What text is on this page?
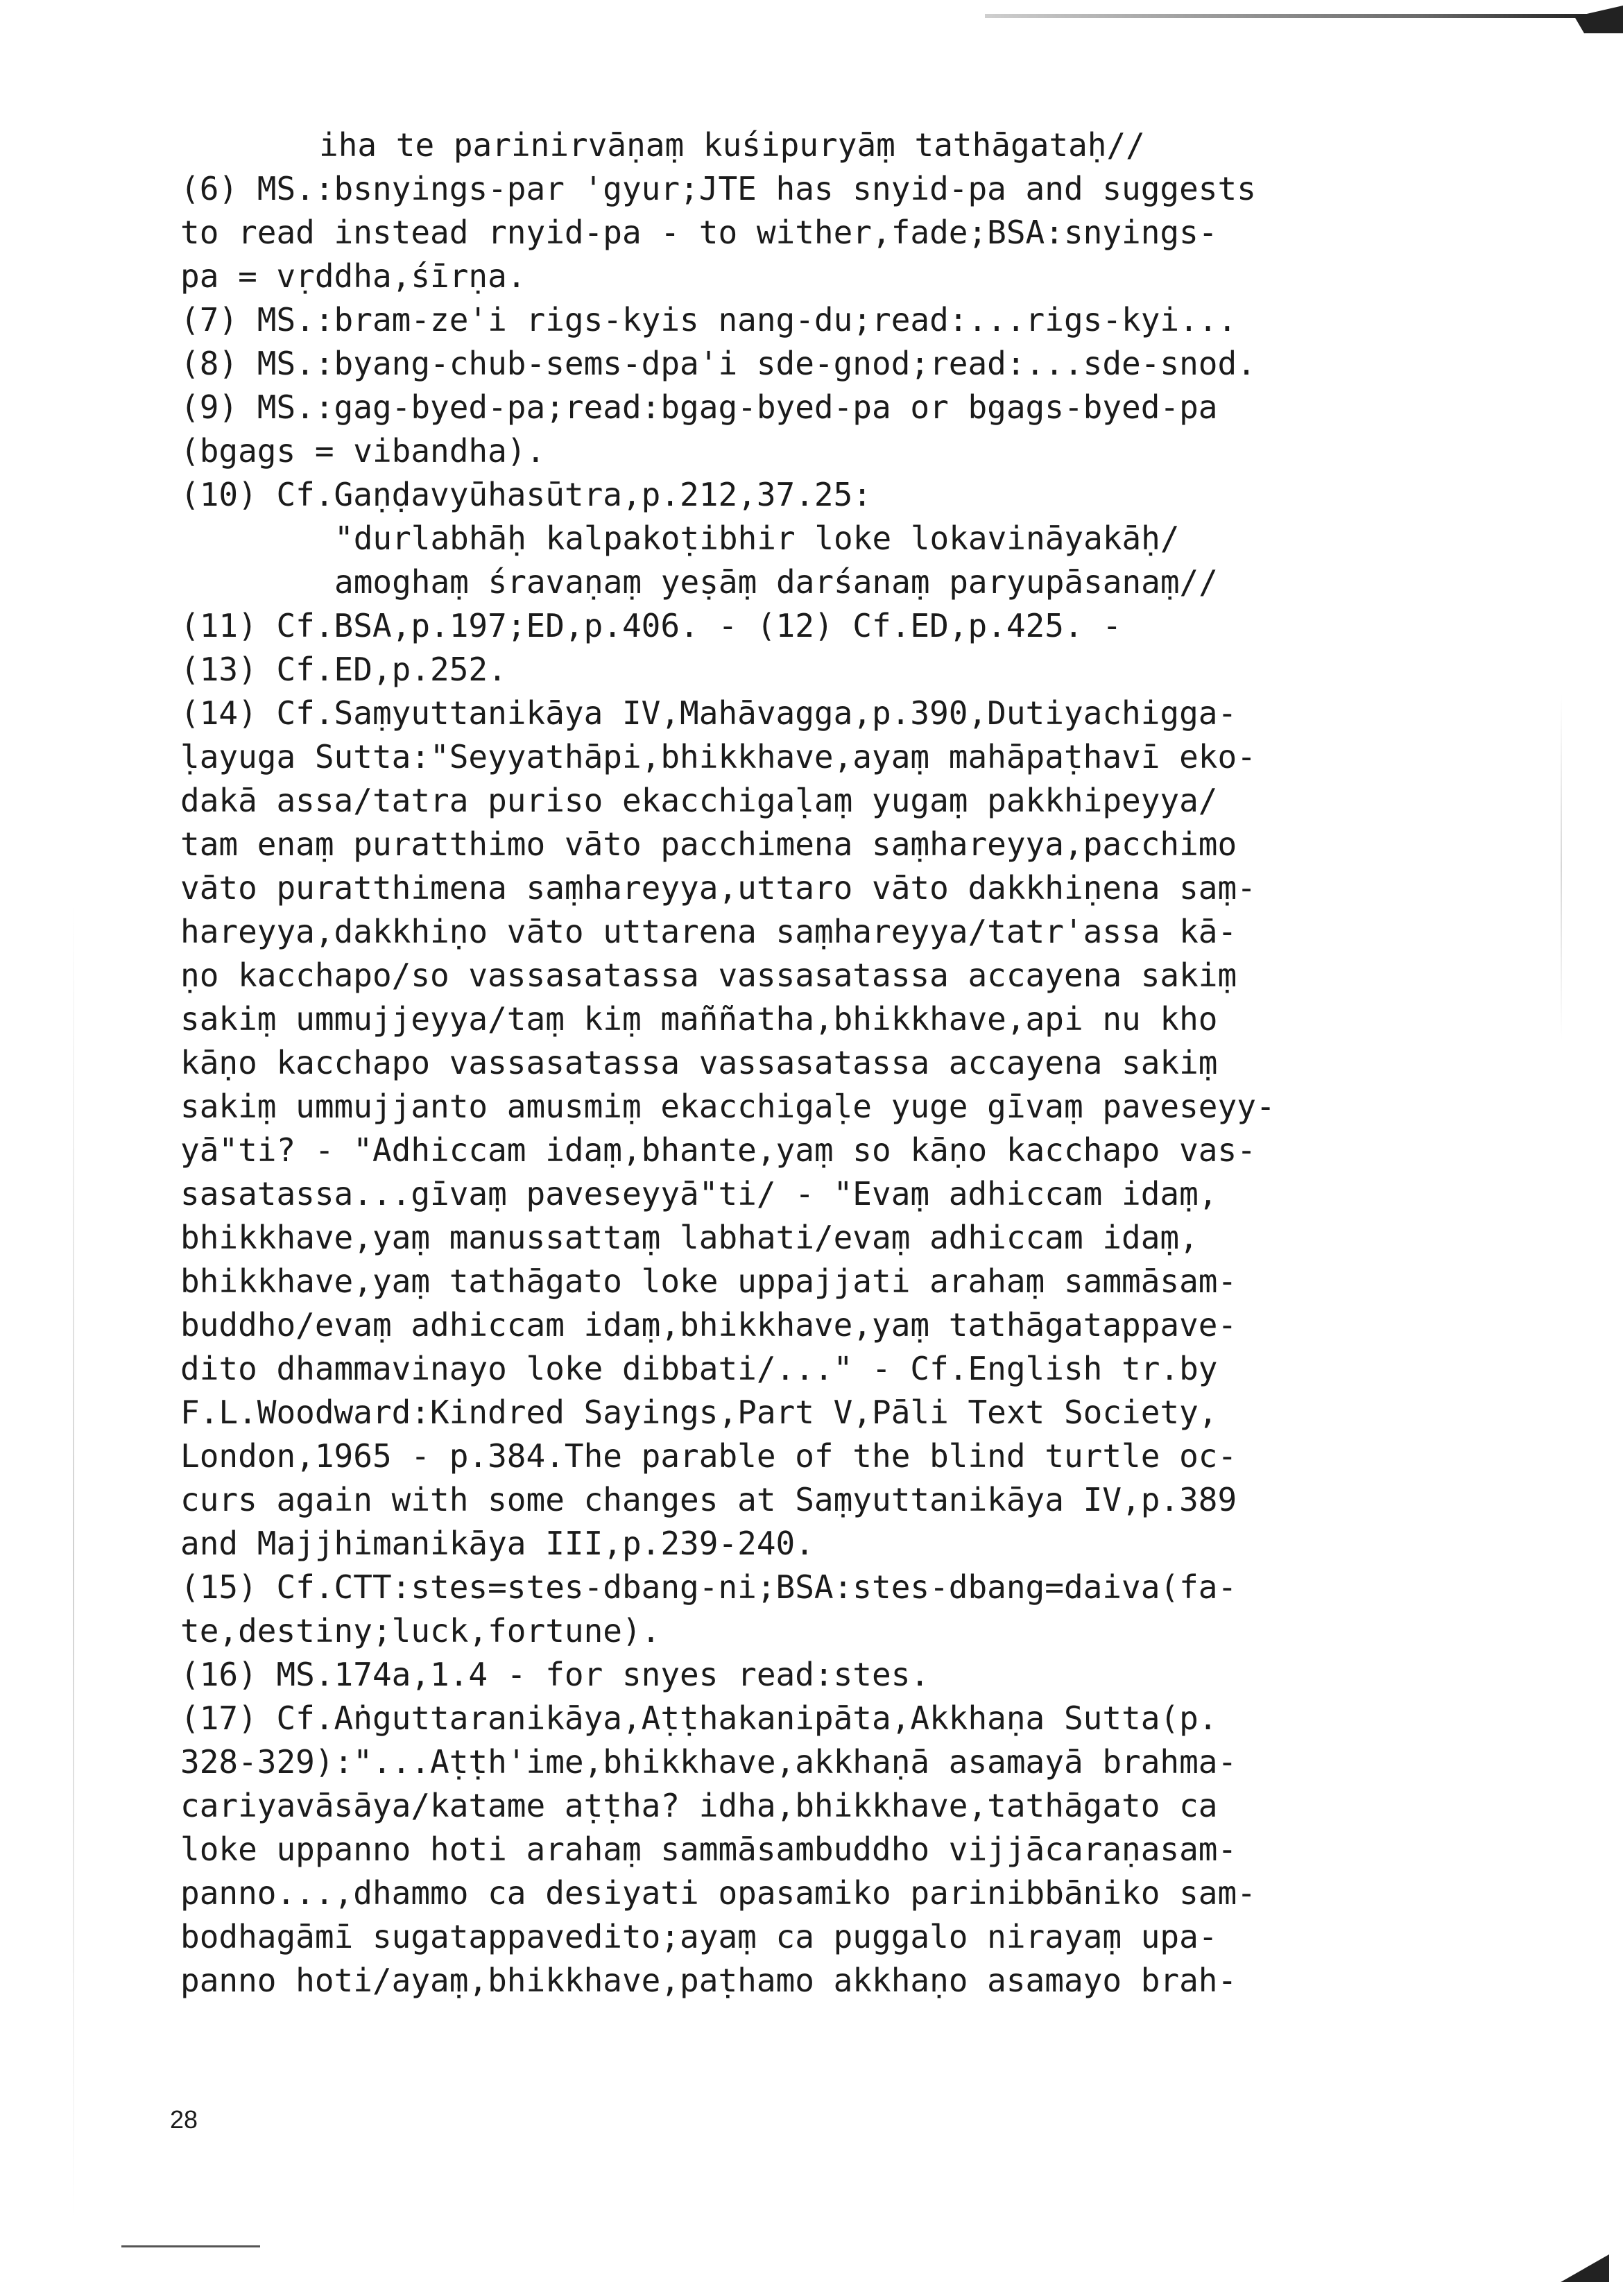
iha te parinirvāṇaṃ kuśipuryāṃ tathāgataḥ//
(6) MS.:bsnyings-par 'gyur;JTE has snyid-pa and suggests
to read instead rnyid-pa - to wither,fade;BSA:snyings-
pa = vṛddha,śīrṇa.
(7) MS.:bram-ze'i rigs-kyis nang-du;read:...rigs-kyi...
(8) MS.:byang-chub-sems-dpa'i sde-gnod;read:...sde-snod.
(9) MS.:gag-byed-pa;read:bgag-byed-pa or bgags-byed-pa
(bgags = vibandha).
(10) Cf.Gaṇḍavyūhasūtra,p.212,37.25:
"durlabhāḥ kalpakoṭibhir loke lokavināyakāḥ/
amoghaṃ śravaṇaṃ yeṣāṃ darśanaṃ paryupāsanaṃ//
(11) Cf.BSA,p.197;ED,p.406. - (12) Cf.ED,p.425. -
(13) Cf.ED,p.252.
(14) Cf.Saṃyuttanikāya IV,Mahāvagga,p.390,Dutiyachigga-
ḷayuga Sutta:"Seyyathāpi,bhikkhave,ayaṃ mahāpaṭhavī eko-
dakā assa/tatra puriso ekacchigaḷaṃ yugaṃ pakkhipeyya/
tam enaṃ puratthimo vāto pacchimena saṃhareyya,pacchimo
vāto puratthimena saṃhareyya,uttaro vāto dakkhiṇena saṃ-
hareyya,dakkhiṇo vāto uttarena saṃhareyya/tatr'assa kā-
ṇo kacchapo/so vassasatassa vassasatassa accayena sakiṃ
sakiṃ ummujjeyya/taṃ kiṃ maññatha,bhikkhave,api nu kho
kāṇo kacchapo vassasatassa vassasatassa accayena sakiṃ
sakiṃ ummujjanto amusmiṃ ekacchigaḷe yuge gīvaṃ paveseyy-
yā"ti? - "Adhiccam idaṃ,bhante,yaṃ so kāṇo kacchapo vas-
sasatassa...gīvaṃ paveseyyā"ti/ - "Evaṃ adhiccam idaṃ,
bhikkhave,yaṃ manussattaṃ labhati/evaṃ adhiccam idaṃ,
bhikkhave,yaṃ tathāgato loke uppajjati arahaṃ sammāsam-
buddho/evaṃ adhiccam idaṃ,bhikkhave,yaṃ tathāgatappave-
dito dhammavinayo loke dibbati/..." - Cf.English tr.by
F.L.Woodward:Kindred Sayings,Part V,Pāli Text Society,
London,1965 - p.384.The parable of the blind turtle oc-
curs again with some changes at Saṃyuttanikāya IV,p.389
and Majjhimanikāya III,p.239-240.
(15) Cf.CTT:stes=stes-dbang-ni;BSA:stes-dbang=daiva(fa-
te,destiny;luck,fortune).
(16) MS.174a,1.4 - for snyes read:stes.
(17) Cf.Aṅguttaranikāya,Aṭṭhakanipāta,Akkhaṇa Sutta(p.
328-329):"...Aṭṭh'ime,bhikkhave,akkhaṇā asamayā brahma-
cariyavāsāya/katame aṭṭha? idha,bhikkhave,tathāgato ca
loke uppanno hoti arahaṃ sammāsambuddho vijjācaraṇasam-
panno...,dhammo ca desiyati opasamiko parinibbāniko sam-
bodhagāmī sugatappavedito;ayaṃ ca puggalo nirayaṃ upa-
panno hoti/ayaṃ,bhikkhave,paṭhamo akkhaṇo asamayo brah-
28
